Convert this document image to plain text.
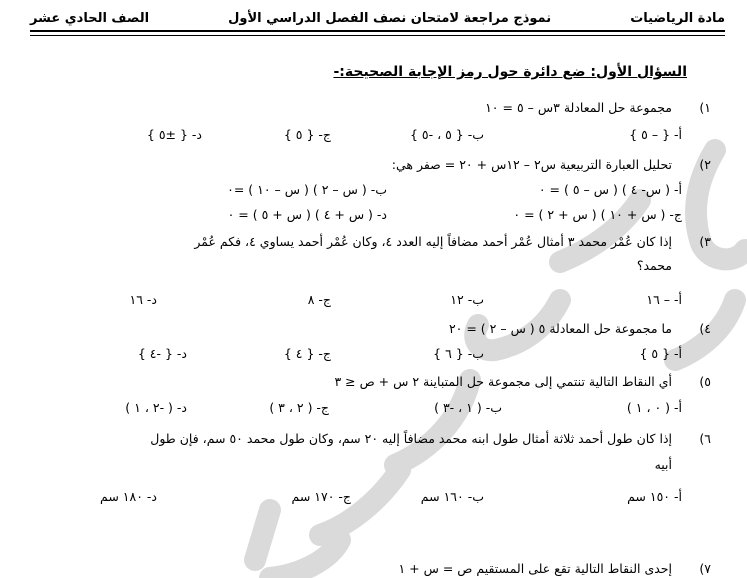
مادة الرياضيات
نموذج مراجعة لامتحان نصف الفصل الدراسي الأول
الصف الحادي عشر
السؤال الأول: ضع دائرة حول رمز الإجابة الصحيحة:-
١)
مجموعة حل المعادلة ٣س – ٥ = ١٠
أ- { – ٥ }
ب- { ٥ ، -٥ }
ج- { ٥ }
د- { ±٥ }
٢)
تحليل العبارة التربيعية س٢ – ١٢س + ٢٠ = صفر هي:
أ- ( س- ٤ ) ( س – ٥ ) = ٠
ب- ( س – ٢ ) ( س – ١٠ ) =٠
ج- ( س + ١٠ ) ( س + ٢ ) = ٠
د- ( س + ٤ ) ( س + ٥ ) = ٠
٣)
إذا كان عُمْر محمد ٣ أمثال عُمْر أحمد مضافاً إليه العدد ٤، وكان عُمْر أحمد يساوي ٤، فكم عُمْر
محمد؟
أ- – ١٦
ب- ١٢
ج- ٨
د- ١٦
٤)
ما مجموعة حل المعادلة ٥ ( س – ٢ ) = ٢٠
أ- { ٥ }
ب- { ٦ }
ج- { ٤ }
د- { -٤ }
٥)
أي النقاط التالية تنتمي إلى مجموعة حل المتباينة ٢ س + ص ≤ ٣
أ- ( ٠ ، ١ )
ب- ( ١ ، -٣ )
ج- ( ٢ ، ٣ )
د- ( -٢ ، ١ )
٦)
إذا كان طول أحمد ثلاثة أمثال طول ابنه محمد مضافاً إليه ٢٠ سم، وكان طول محمد ٥٠ سم، فإن طول
أبيه
أ- ١٥٠ سم
ب- ١٦٠ سم
ج- ١٧٠ سم
د- ١٨٠ سم
٧)
إحدى النقاط التالية تقع على المستقيم ص = س + ١
